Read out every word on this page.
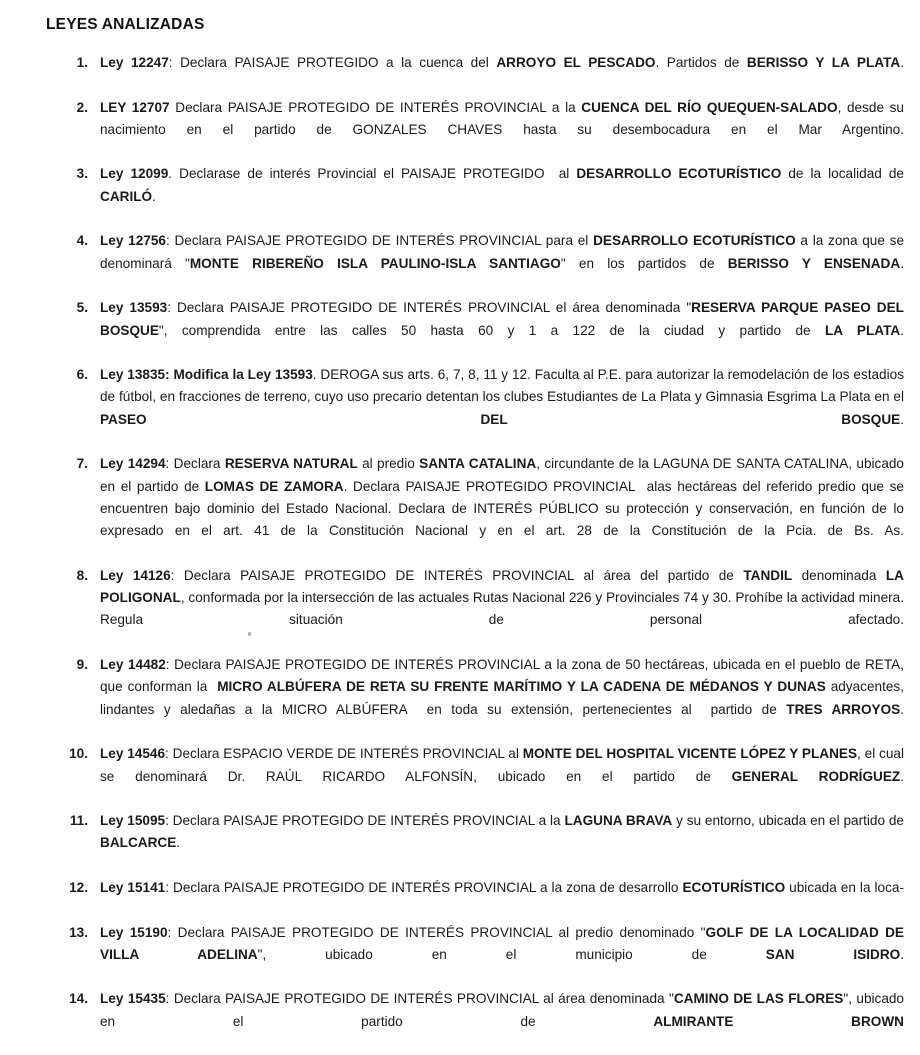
LEYES ANALIZADAS
1. Ley 12247: Declara PAISAJE PROTEGIDO a la cuenca del ARROYO EL PESCADO. Partidos de BERISSO Y LA PLATA.
2. LEY 12707 Declara PAISAJE PROTEGIDO DE INTERÉS PROVINCIAL a la CUENCA DEL RÍO QUEQUEN-SALADO, desde su nacimiento en el partido de GONZALES CHAVES hasta su desembocadura en el Mar Argentino.
3. Ley 12099. Declarase de interés Provincial el PAISAJE PROTEGIDO  al DESARROLLO ECOTURÍSTICO de la localidad de CARILÓ.
4. Ley 12756: Declara PAISAJE PROTEGIDO DE INTERÉS PROVINCIAL para el DESARROLLO ECOTURÍSTICO a la zona que se denominará "MONTE RIBEREÑO ISLA PAULINO-ISLA SANTIAGO" en los partidos de BERISSO Y ENSENADA.
5. Ley 13593: Declara PAISAJE PROTEGIDO DE INTERÉS PROVINCIAL el área denominada "RESERVA PARQUE PASEO DEL BOSQUE", comprendida entre las calles 50 hasta 60 y 1 a 122 de la ciudad y partido de LA PLATA.
6. Ley 13835: Modifica la Ley 13593. DEROGA sus arts. 6, 7, 8, 11 y 12. Faculta al P.E. para autorizar la remodelación de los estadios de fútbol, en fracciones de terreno, cuyo uso precario detentan los clubes Estudiantes de La Plata y Gimnasia Esgrima La Plata en el PASEO DEL BOSQUE.
7. Ley 14294: Declara RESERVA NATURAL al predio SANTA CATALINA, circundante de la LAGUNA DE SANTA CATALINA, ubicado en el partido de LOMAS DE ZAMORA. Declara PAISAJE PROTEGIDO PROVINCIAL  alas hectáreas del referido predio que se encuentren bajo dominio del Estado Nacional. Declara de INTERÉS PÚBLICO su protección y conservación, en función de lo expresado en el art. 41 de la Constitución Nacional y en el art. 28 de la Constitución de la Pcia. de Bs. As.
8. Ley 14126: Declara PAISAJE PROTEGIDO DE INTERÉS PROVINCIAL al área del partido de TANDIL denominada LA POLIGONAL, conformada por la intersección de las actuales Rutas Nacional 226 y Provinciales 74 y 30. Prohíbe la actividad minera. Regula situación de personal afectado.
9. Ley 14482: Declara PAISAJE PROTEGIDO DE INTERÉS PROVINCIAL a la zona de 50 hectáreas, ubicada en el pueblo de RETA, que conforman la  MICRO ALBÚFERA DE RETA SU FRENTE MARÍTIMO Y LA CADENA DE MÉDANOS Y DUNAS adyacentes, lindantes y aledañas a la MICRO ALBÚFERA  en toda su extensión, pertenecientes al  partido de TRES ARROYOS.
10. Ley 14546: Declara ESPACIO VERDE DE INTERÉS PROVINCIAL al MONTE DEL HOSPITAL VICENTE LÓPEZ Y PLANES, el cual se denominará Dr. RAÚL RICARDO ALFONSÍN, ubicado en el partido de GENERAL RODRÍGUEZ.
11. Ley 15095: Declara PAISAJE PROTEGIDO DE INTERÉS PROVINCIAL a la LAGUNA BRAVA y su entorno, ubicada en el partido de BALCARCE.
12. Ley 15141: Declara PAISAJE PROTEGIDO DE INTERÉS PROVINCIAL a la zona de desarrollo ECOTURÍSTICO ubicada en la loca-
13. Ley 15190: Declara PAISAJE PROTEGIDO DE INTERÉS PROVINCIAL al predio denominado "GOLF DE LA LOCALIDAD DE VILLA ADELINA", ubicado en el municipio de SAN ISIDRO.
14. Ley 15435: Declara PAISAJE PROTEGIDO DE INTERÉS PROVINCIAL al área denominada "CAMINO DE LAS FLORES", ubicado en el partido de ALMIRANTE BROWN
